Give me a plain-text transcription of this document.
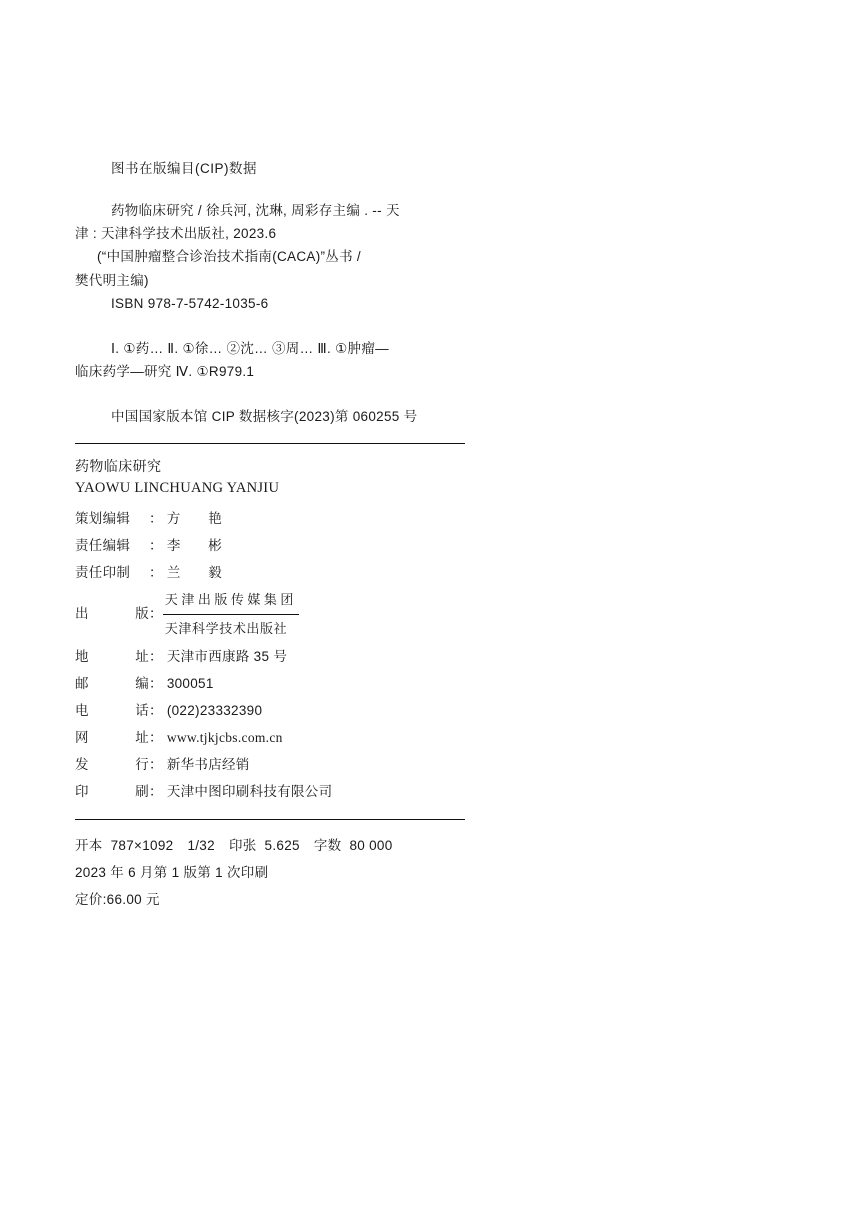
图书在版编目(CIP)数据
药物临床研究 / 徐兵河, 沈琳, 周彩存主编 . -- 天
津 : 天津科学技术出版社, 2023.6
(“中国肿瘤整合诊治技术指南(CACA)”丛书 /
樊代明主编)
ISBN 978-7-5742-1035-6
Ⅰ. ①药… Ⅱ. ①徐… ②沈… ③周… Ⅲ. ①肿瘤—
临床药学—研究 Ⅳ. ①R979.1
中国国家版本馆 CIP 数据核字(2023)第 060255 号
药物临床研究
YAOWU LINCHUANG YANJIU
策划编辑	： 方　　艳
责任编辑	： 李　　彬
责任印制	： 兰　　毅
出	版 ：
天津出版传媒集团
天津科学技术出版社
地	址 ： 天津市西康路 35 号
邮	编 ： 300051
电	话 ： (022)23332390
网	址 ： www.tjkjcbs.com.cn
发	行 ： 新华书店经销
印	刷 ： 天津中图印刷科技有限公司
开本 787×1092 1/32 印张 5.625 字数 80 000
2023 年 6 月第 1 版第 1 次印刷
定价:66.00 元
